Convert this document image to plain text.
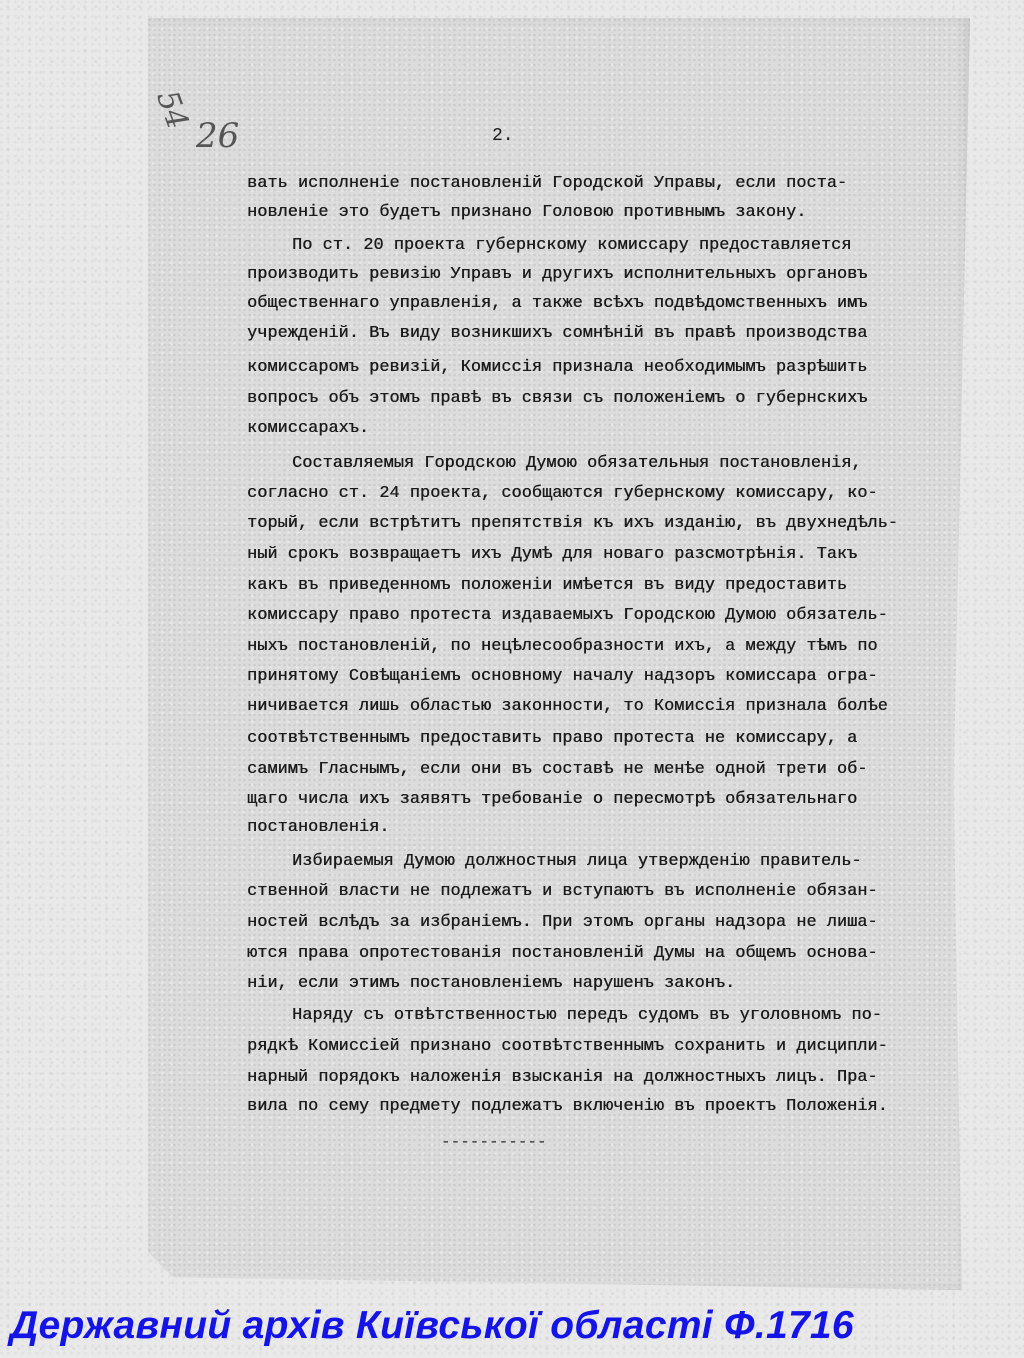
54
26	2.
вать исполненіе постановленій Городской Управы, если поста-
новленіе это будетъ признано Головою противнымъ закону.
По ст. 20 проекта губернскому комиссару предоставляется
производить ревизію Управъ и другихъ исполнительныхъ органовъ
общественнаго управленія, а также всѣхъ подвѣдомственныхъ имъ
учрежденій. Въ виду возникшихъ сомнѣній въ правѣ производства
комиссаромъ ревизій, Комиссія признала необходимымъ разрѣшить
вопросъ объ этомъ правѣ въ связи съ положеніемъ о губернскихъ
комиссарахъ.
Составляемыя Городскою Думою обязательныя постановленія,
согласно ст. 24 проекта, сообщаются губернскому комиссару, ко-
торый, если встрѣтитъ препятствія къ ихъ изданію, въ двухнедѣль-
ный срокъ возвращаетъ ихъ Думѣ для новаго разсмотрѣнія. Такъ
какъ въ приведенномъ положеніи имѣется въ виду предоставить
комиссару право протеста издаваемыхъ Городскою Думою обязатель-
ныхъ постановленій, по нецѣлесообразности ихъ, а между тѣмъ по
принятому Совѣщаніемъ основному началу надзоръ комиссара огра-
ничивается лишь областью законности, то Комиссія признала болѣе
соотвѣтственнымъ предоставить право протеста не комиссару, а
самимъ Гласнымъ, если они въ составѣ не менѣе одной трети об-
щаго числа ихъ заявятъ требованіе о пересмотрѣ обязательнаго
постановленія.
Избираемыя Думою должностныя лица утвержденію правитель-
ственной власти не подлежатъ и вступаютъ въ исполненіе обязан-
ностей вслѣдъ за избраніемъ. При этомъ органы надзора не лиша-
ются права опротестованія постановленій Думы на общемъ основа-
ніи, если этимъ постановленіемъ нарушенъ законъ.
Наряду съ отвѣтственностью передъ судомъ въ уголовномъ по-
рядкѣ Комиссіей признано соотвѣтственнымъ сохранить и дисципли-
нарный порядокъ наложенія взысканія на должностныхъ лицъ. Пра-
вила по сему предмету подлежатъ включенію въ проектъ Положенія.
-----------
Державний архів Київської області Ф.1716
